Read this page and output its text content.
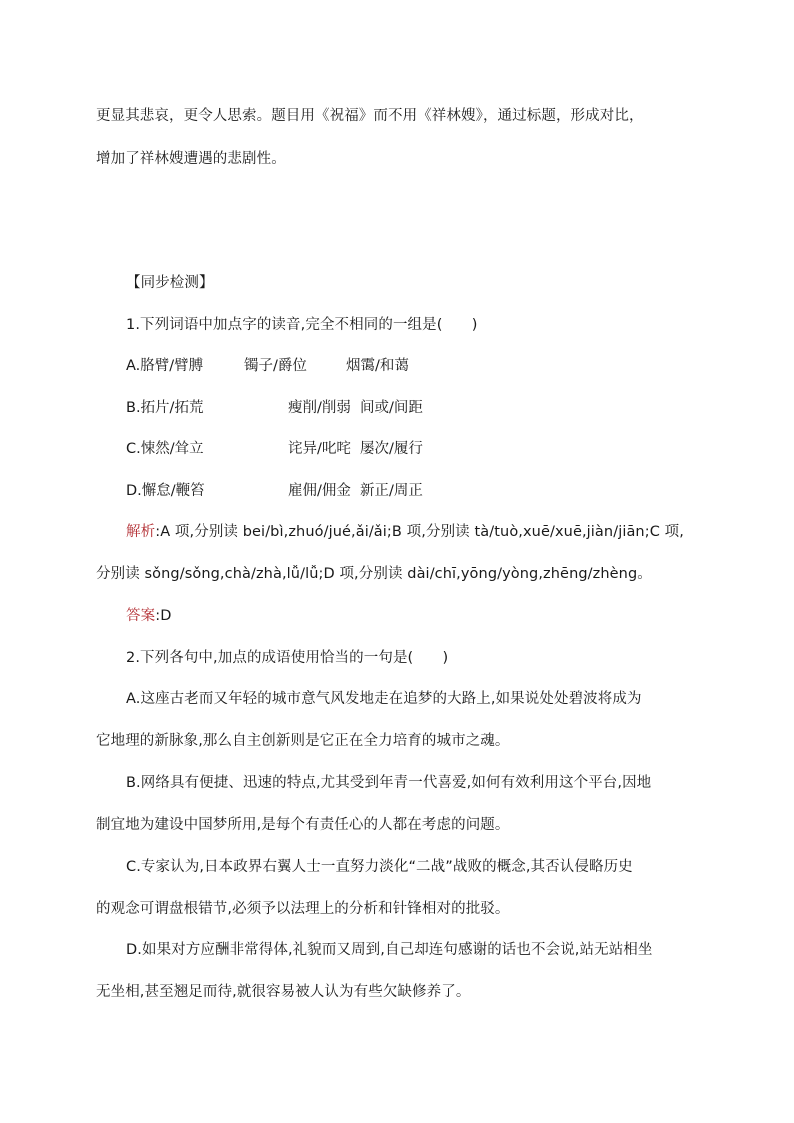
更显其悲哀，更令人思索。题目用《祝福》而不用《祥林嫂》，通过标题，形成对比，
增加了祥林嫂遭遇的悲剧性。
【同步检测】
1.下列词语中加点字的读音,完全不相同的一组是(　　)
A.胳臂/臂膊	镯子/爵位	烟霭/和蔼
B.拓片/拓荒	瘦削/削弱 间或/间距
C.悚然/耸立	诧异/叱咤 屡次/履行
D.懈怠/鞭笞	雇佣/佣金 新正/周正
解析:A 项,分别读 bei/bì,zhuó/jué,ǎi/ǎi;B 项,分别读 tà/tuò,xuē/xuē,jiàn/jiān;C 项,
分别读 sǒng/sǒng,chà/zhà,lǚ/lǚ;D 项,分别读 dài/chī,yōng/yòng,zhēng/zhèng。
答案:D
2.下列各句中,加点的成语使用恰当的一句是(　　)
A.这座古老而又年轻的城市意气风发地走在追梦的大路上,如果说处处碧波将成为
它地理的新脉象,那么自主创新则是它正在全力培育的城市之魂。
B.网络具有便捷、迅速的特点,尤其受到年青一代喜爱,如何有效利用这个平台,因地
制宜地为建设中国梦所用,是每个有责任心的人都在考虑的问题。
C.专家认为,日本政界右翼人士一直努力淡化“二战”战败的概念,其否认侵略历史
的观念可谓盘根错节,必须予以法理上的分析和针锋相对的批驳。
D.如果对方应酬非常得体,礼貌而又周到,自己却连句感谢的话也不会说,站无站相坐
无坐相,甚至翘足而待,就很容易被人认为有些欠缺修养了。
